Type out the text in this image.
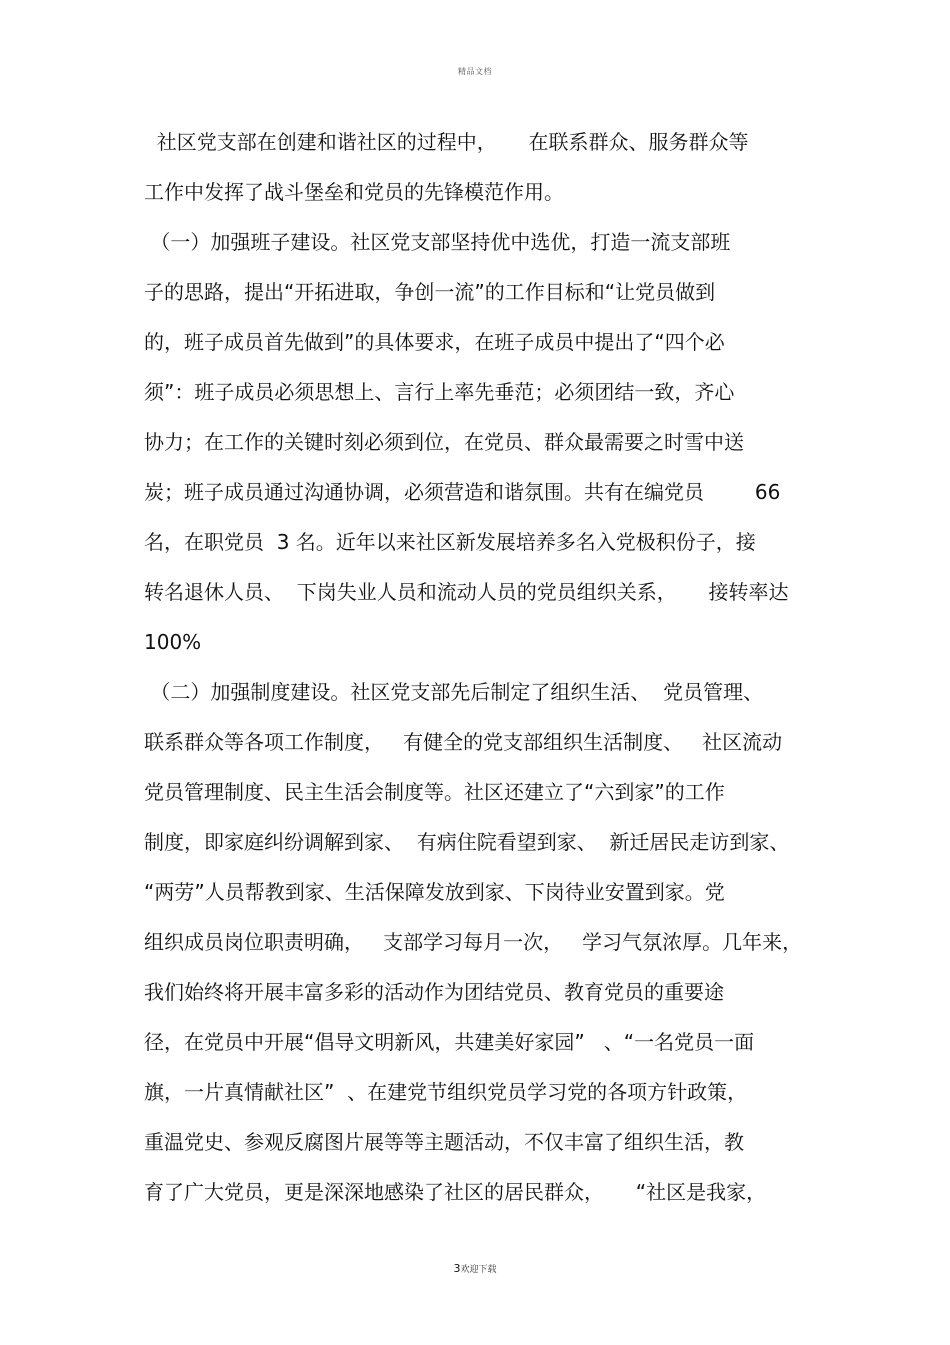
精品文档
社区党支部在创建和谐社区的过程中，     在联系群众、服务群众等
工作中发挥了战斗堡垒和党员的先锋模范作用。
（一）加强班子建设。社区党支部坚持优中选优，打造一流支部班
子的思路，提出“开拓进取，争创一流”的工作目标和“让党员做到
的，班子成员首先做到”的具体要求，在班子成员中提出了“四个必
须”：班子成员必须思想上、言行上率先垂范；必须团结一致，齐心
协力；在工作的关键时刻必须到位，在党员、群众最需要之时雪中送
炭；班子成员通过沟通协调，必须营造和谐氛围。共有在编党员        66
名，在职党员  3 名。近年以来社区新发展培养多名入党极积份子，接
转名退休人员、  下岗失业人员和流动人员的党员组织关系，     接转率达
100%
（二）加强制度建设。社区党支部先后制定了组织生活、  党员管理、
联系群众等各项工作制度，   有健全的党支部组织生活制度、   社区流动
党员管理制度、民主生活会制度等。社区还建立了“六到家”的工作
制度，即家庭纠纷调解到家、  有病住院看望到家、  新迁居民走访到家、
“两劳”人员帮教到家、生活保障发放到家、下岗待业安置到家。党
组织成员岗位职责明确，   支部学习每月一次，   学习气氛浓厚。几年来，
我们始终将开展丰富多彩的活动作为团结党员、教育党员的重要途
径，在党员中开展“倡导文明新风，共建美好家园”   、“一名党员一面
旗，一片真情献社区”  、在建党节组织党员学习党的各项方针政策，
重温党史、参观反腐图片展等等主题活动，不仅丰富了组织生活，教
育了广大党员，更是深深地感染了社区的居民群众，     “社区是我家，
3欢迎下载
